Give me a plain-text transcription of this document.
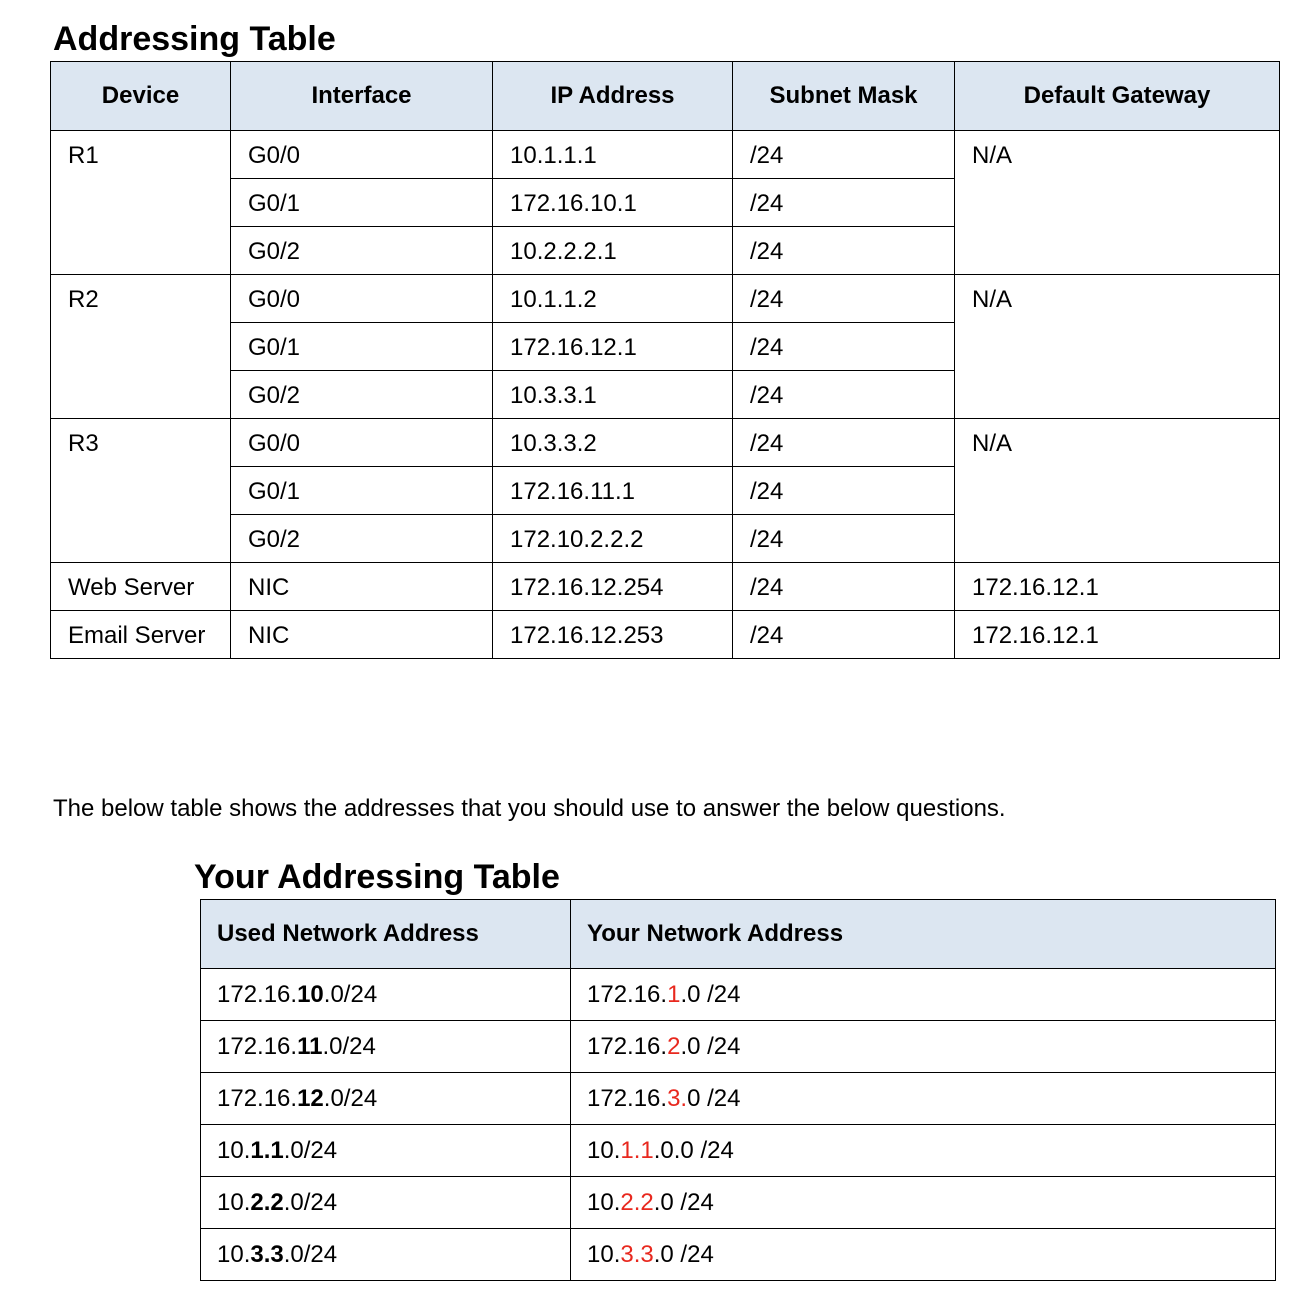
Addressing Table
Device	Interface	IP Address	Subnet Mask	Default Gateway
R1	G0/0	10.1.1.1	/24	N/A
	G0/1	172.16.10.1	/24	
	G0/2	10.2.2.2.1	/24	
R2	G0/0	10.1.1.2	/24	N/A
	G0/1	172.16.12.1	/24	
	G0/2	10.3.3.1	/24	
R3	G0/0	10.3.3.2	/24	N/A
	G0/1	172.16.11.1	/24	
	G0/2	172.10.2.2.2	/24	
Web Server	NIC	172.16.12.254	/24	172.16.12.1
Email Server	NIC	172.16.12.253	/24	172.16.12.1

The below table shows the addresses that you should use to answer the below questions.

Your Addressing Table
Used Network Address	Your Network Address
172.16.10.0/24	172.16.1.0 /24
172.16.11.0/24	172.16.2.0 /24
172.16.12.0/24	172.16.3.0 /24
10.1.1.0/24	10.1.1.0.0 /24
10.2.2.0/24	10.2.2.0 /24
10.3.3.0/24	10.3.3.0 /24
